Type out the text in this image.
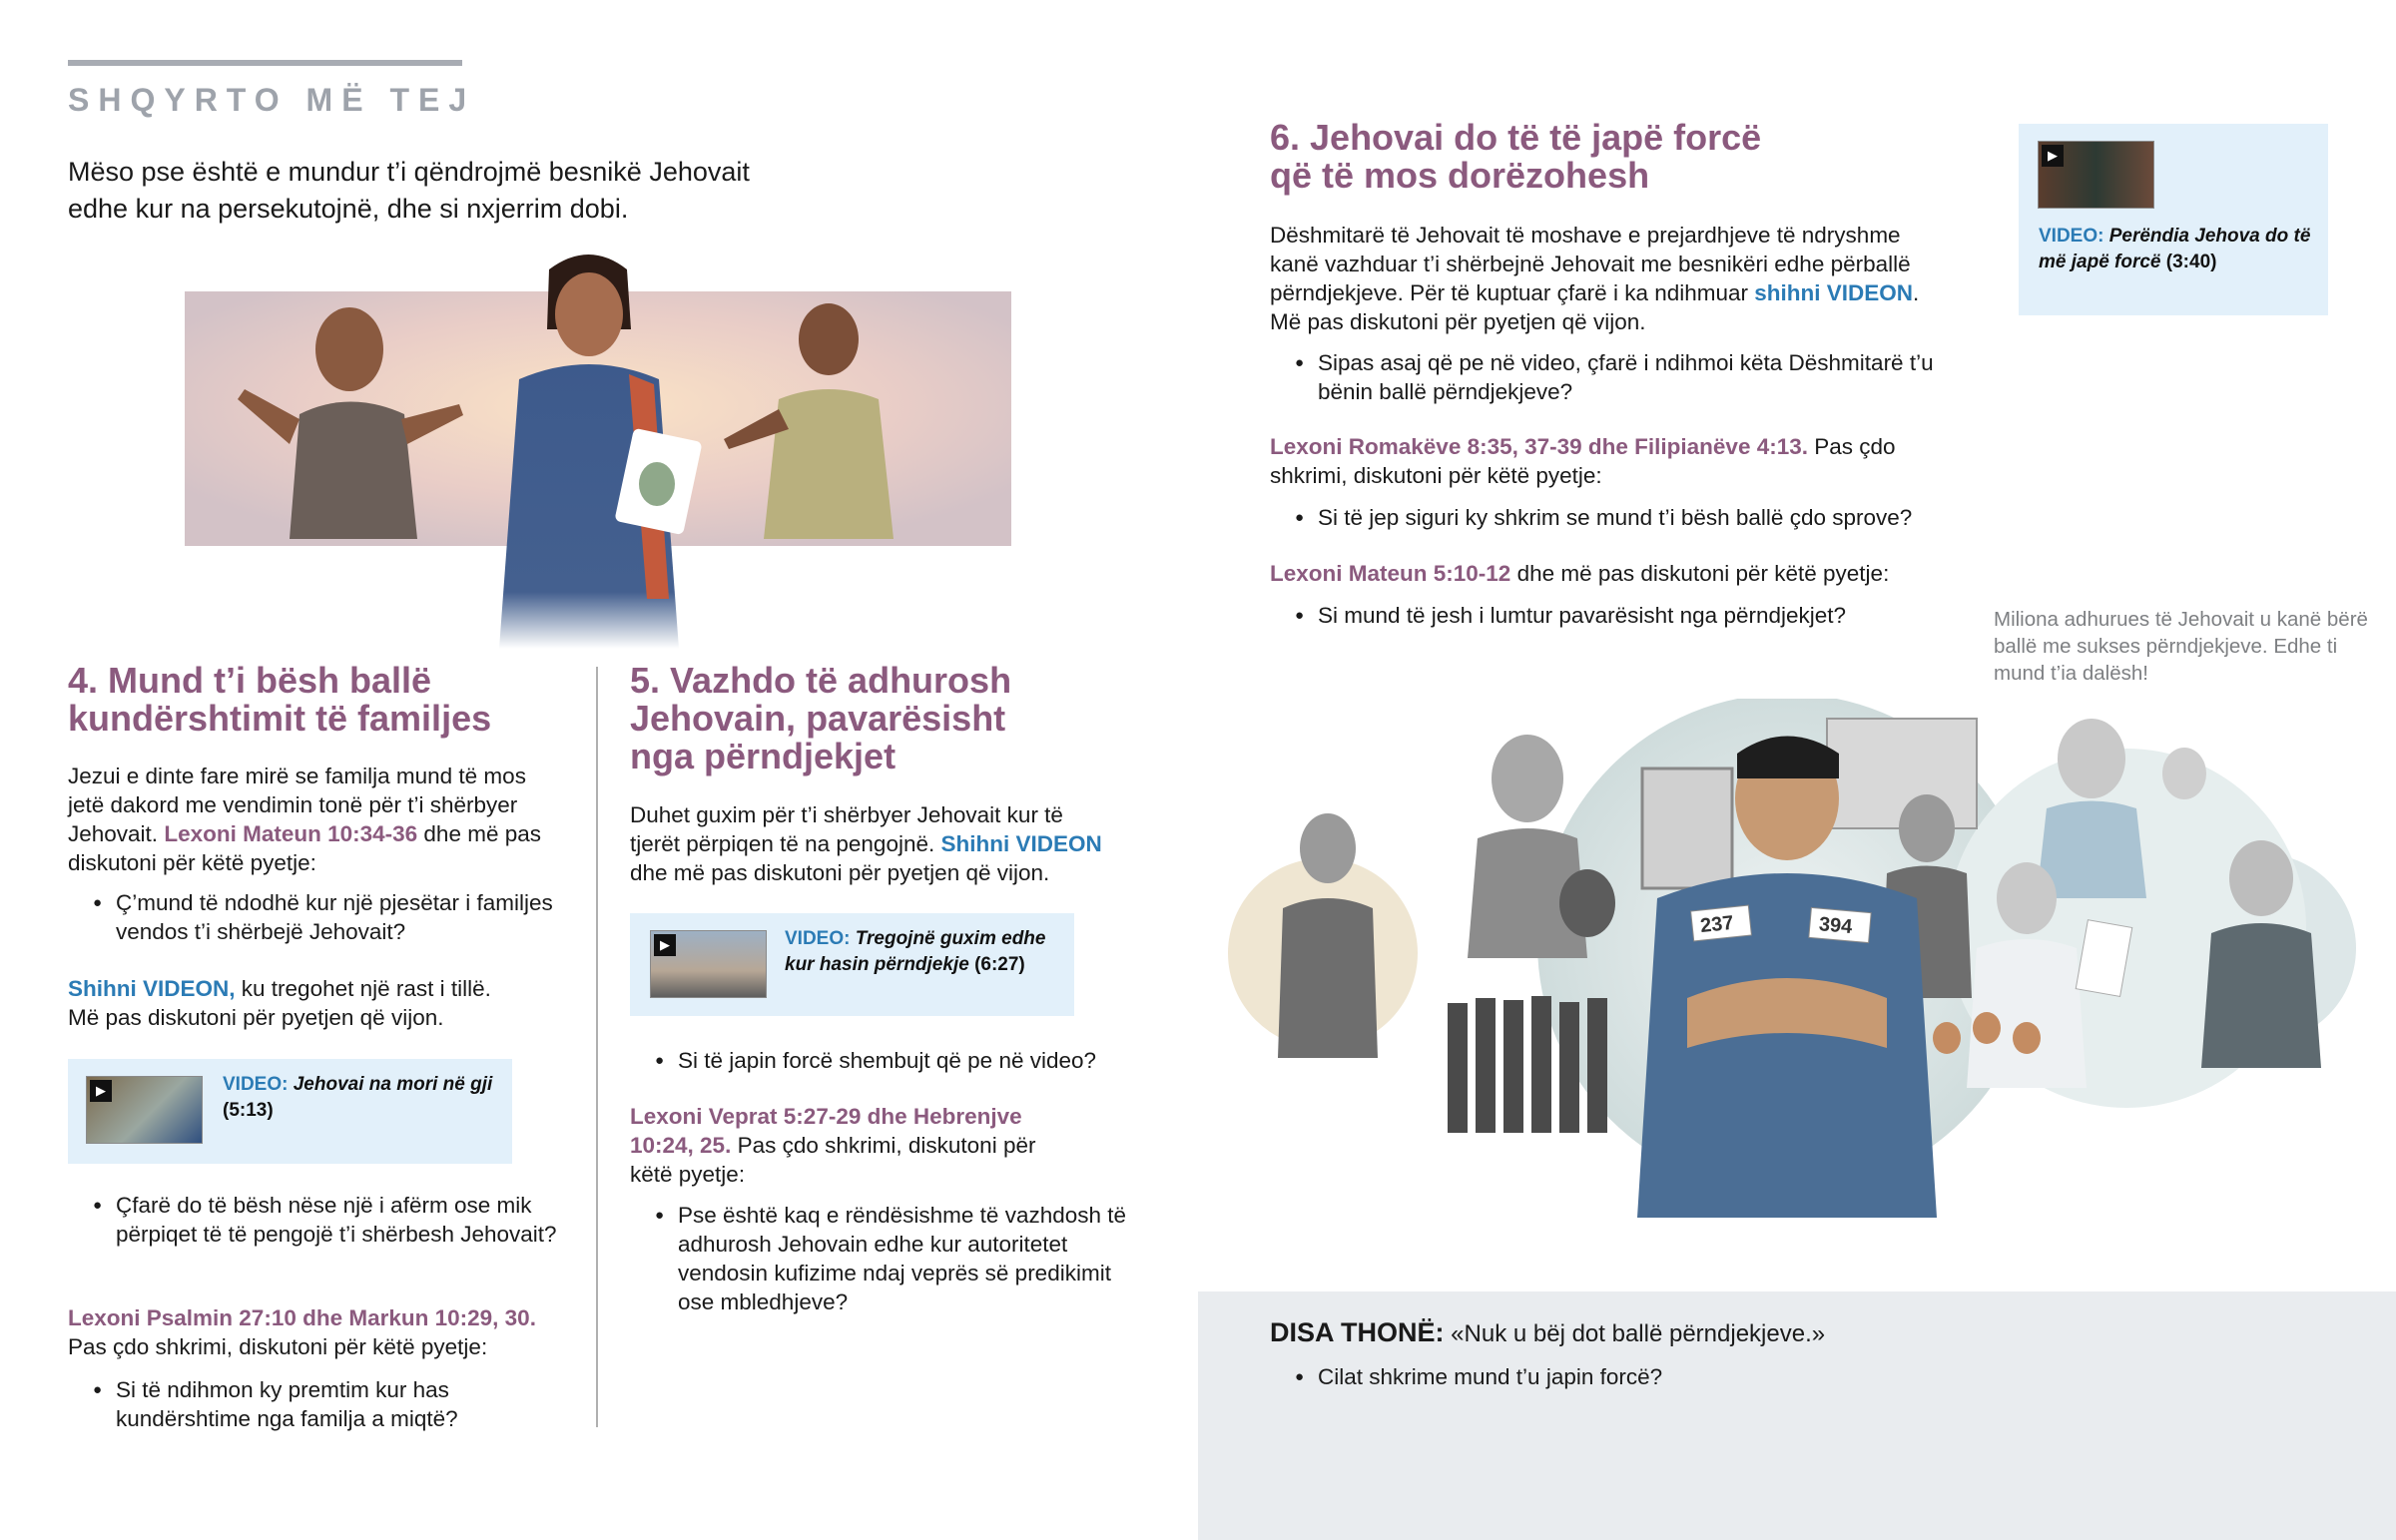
SHQYRTO MË TEJ
Mëso pse është e mundur t’i qëndrojmë besnikë Jehovait
edhe kur na persekutojnë, dhe si nxjerrim dobi.
4. Mund t’i bësh ballë
kundërshtimit të familjes
Jezui e dinte fare mirë se familja mund të mos jetë dakord me vendimin tonë për t’i shërbyer Jehovait. Lexoni Mateun 10:34-36 dhe më pas diskutoni për këtë pyetje:
● Ç’mund të ndodhë kur një pjesëtar i familjes vendos t’i shërbejë Jehovait?
Shihni VIDEON, ku tregohet një rast i tillë.
Më pas diskutoni për pyetjen që vijon.
▶	VIDEO: Jehovai na mori në gji (5:13)
● Çfarë do të bësh nëse një i afërm ose mik përpiqet të të pengojë t’i shërbesh Jehovait?
Lexoni Psalmin 27:10 dhe Markun 10:29, 30.
Pas çdo shkrimi, diskutoni për këtë pyetje:
● Si të ndihmon ky premtim kur has kundërshtime nga familja a miqtë?
5. Vazhdo të adhurosh
Jehovain, pavarësisht
nga përndjekjet
Duhet guxim për t’i shërbyer Jehovait kur të tjerët përpiqen të na pengojnë. Shihni VIDEON dhe më pas diskutoni për pyetjen që vijon.
▶	VIDEO: Tregojnë guxim edhe kur hasin përndjekje (6:27)
● Si të japin forcë shembujt që pe në video?
Lexoni Veprat 5:27-29 dhe Hebrenjve 10:24, 25. Pas çdo shkrimi, diskutoni për këtë pyetje:
● Pse është kaq e rëndësishme të vazhdosh të adhurosh Jehovain edhe kur autoritetet vendosin kufizime ndaj veprës së predikimit ose mbledhjeve?
6. Jehovai do të të japë forcë
që të mos dorëzohesh
Dëshmitarë të Jehovait të moshave e prejardhjeve të ndryshme kanë vazhduar t’i shërbejnë Jehovait me besnikëri edhe përballë përndjekjeve. Për të kuptuar çfarë i ka ndihmuar shihni VIDEON. Më pas diskutoni për pyetjen që vijon.
● Sipas asaj që pe në video, çfarë i ndihmoi këta Dëshmitarë t’u bënin ballë përndjekjeve?
Lexoni Romakëve 8:35, 37-39 dhe Filipianëve 4:13. Pas çdo shkrimi, diskutoni për këtë pyetje:
● Si të jep siguri ky shkrim se mund t’i bësh ballë çdo sprove?
Lexoni Mateun 5:10-12 dhe më pas diskutoni për këtë pyetje:
● Si mund të jesh i lumtur pavarësisht nga përndjekjet?
▶
VIDEO: Perëndia Jehova do të më japë forcë (3:40)
Miliona adhurues të Jehovait u kanë bërë ballë me sukses përndjekjeve. Edhe ti mund t’ia dalësh!
237	394
DISA THONË: «Nuk u bëj dot ballë përndjekjeve.»
● Cilat shkrime mund t’u japin forcë?
